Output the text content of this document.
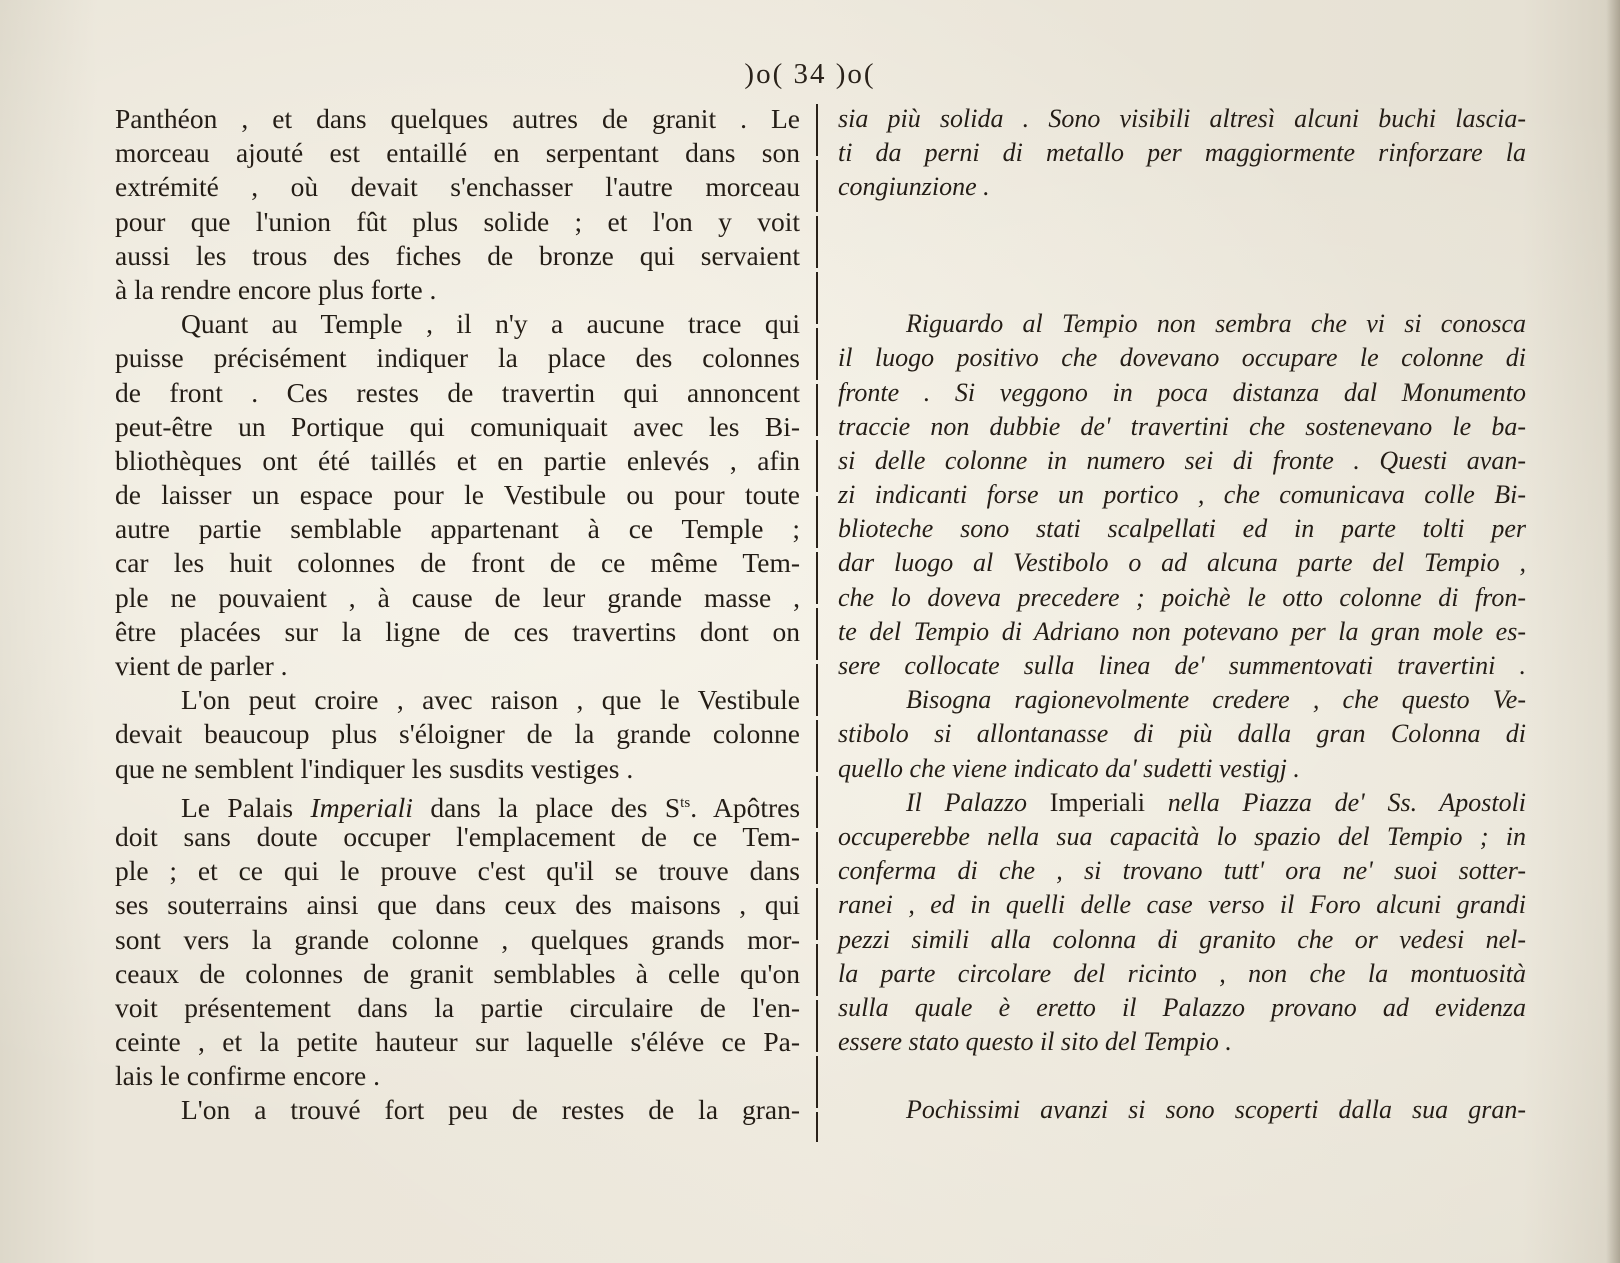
)o( 34 )o(
Panthéon , et dans quelques autres de granit . Le
morceau ajouté est entaillé en serpentant dans son
extrémité , où devait s'enchasser l'autre morceau
pour que l'union fût plus solide ; et l'on y voit
aussi les trous des fiches de bronze qui servaient
à la rendre encore plus forte .
Quant au Temple , il n'y a aucune trace qui
puisse précisément indiquer la place des colonnes
de front . Ces restes de travertin qui annoncent
peut-être un Portique qui comuniquait avec les Bi-
bliothèques ont été taillés et en partie enlevés , afin
de laisser un espace pour le Vestibule ou pour toute
autre partie semblable appartenant à ce Temple ;
car les huit colonnes de front de ce même Tem-
ple ne pouvaient , à cause de leur grande masse ,
être placées sur la ligne de ces travertins dont on
vient de parler .
L'on peut croire , avec raison , que le Vestibule
devait beaucoup plus s'éloigner de la grande colonne
que ne semblent l'indiquer les susdits vestiges .
Le Palais Imperiali dans la place des $S^{ts}$. Apôtres
doit sans doute occuper l'emplacement de ce Tem-
ple ; et ce qui le prouve c'est qu'il se trouve dans
ses souterrains ainsi que dans ceux des maisons , qui
sont vers la grande colonne , quelques grands mor-
ceaux de colonnes de granit semblables à celle qu'on
voit présentement dans la partie circulaire de l'en-
ceinte , et la petite hauteur sur laquelle s'éléve ce Pa-
lais le confirme encore .
L'on a trouvé fort peu de restes de la gran-
sia più solida . Sono visibili altresì alcuni buchi lascia-
ti da perni di metallo per maggiormente rinforzare la
congiunzione .
Riguardo al Tempio non sembra che vi si conosca
il luogo positivo che dovevano occupare le colonne di
fronte . Si veggono in poca distanza dal Monumento
traccie non dubbie de' travertini che sostenevano le ba-
si delle colonne in numero sei di fronte . Questi avan-
zi indicanti forse un portico , che comunicava colle Bi-
blioteche sono stati scalpellati ed in parte tolti per
dar luogo al Vestibolo o ad alcuna parte del Tempio ,
che lo doveva precedere ; poichè le otto colonne di fron-
te del Tempio di Adriano non potevano per la gran mole es-
sere collocate sulla linea de' summentovati travertini .
Bisogna ragionevolmente credere , che questo Ve-
stibolo si allontanasse di più dalla gran Colonna di
quello che viene indicato da' sudetti vestigj .
Il Palazzo Imperiali nella Piazza de' Ss. Apostoli
occuperebbe nella sua capacità lo spazio del Tempio ; in
conferma di che , si trovano tutt' ora ne' suoi sotter-
ranei , ed in quelli delle case verso il Foro alcuni grandi
pezzi simili alla colonna di granito che or vedesi nel-
la parte circolare del ricinto , non che la montuosità
sulla quale è eretto il Palazzo provano ad evidenza
essere stato questo il sito del Tempio .
Pochissimi avanzi si sono scoperti dalla sua gran-
